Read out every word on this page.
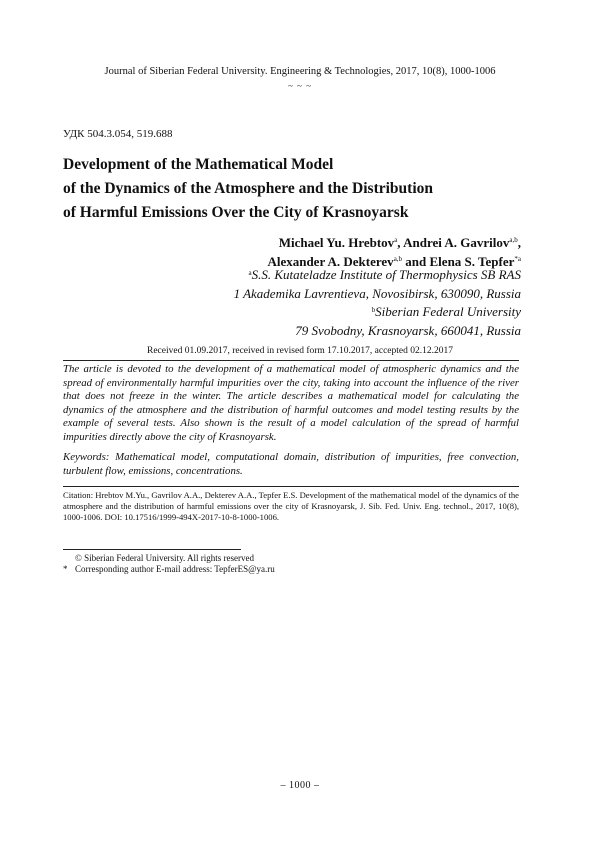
Journal of Siberian Federal University. Engineering & Technologies, 2017, 10(8), 1000-1006
~ ~ ~
УДК 504.3.054, 519.688
Development of the Mathematical Model
of the Dynamics of the Atmosphere and the Distribution
of Harmful Emissions Over the City of Krasnoyarsk
Michael Yu. Hrebtov$^a$, Andrei A. Gavrilov$^{a,b}$,
Alexander A. Dekterev$^{a,b}$ and Elena S. Tepfer$^{*a}$
$^a$S.S. Kutateladze Institute of Thermophysics SB RAS
1 Akademika Lavrentieva, Novosibirsk, 630090, Russia
$^b$Siberian Federal University
79 Svobodny, Krasnoyarsk, 660041, Russia
Received 01.09.2017, received in revised form 17.10.2017, accepted 02.12.2017
The article is devoted to the development of a mathematical model of atmospheric dynamics and the spread of environmentally harmful impurities over the city, taking into account the influence of the river that does not freeze in the winter. The article describes a mathematical model for calculating the dynamics of the atmosphere and the distribution of harmful outcomes and model testing results by the example of several tests. Also shown is the result of a model calculation of the spread of harmful impurities directly above the city of Krasnoyarsk.
Keywords: Mathematical model, computational domain, distribution of impurities, free convection, turbulent flow, emissions, concentrations.
Citation: Hrebtov M.Yu., Gavrilov A.A., Dekterev A.A., Tepfer E.S. Development of the mathematical model of the dynamics of the atmosphere and the distribution of harmful emissions over the city of Krasnoyarsk, J. Sib. Fed. Univ. Eng. technol., 2017, 10(8), 1000-1006. DOI: 10.17516/1999-494X-2017-10-8-1000-1006.
© Siberian Federal University. All rights reserved
* Corresponding author E-mail address: TepferES@ya.ru
– 1000 –
